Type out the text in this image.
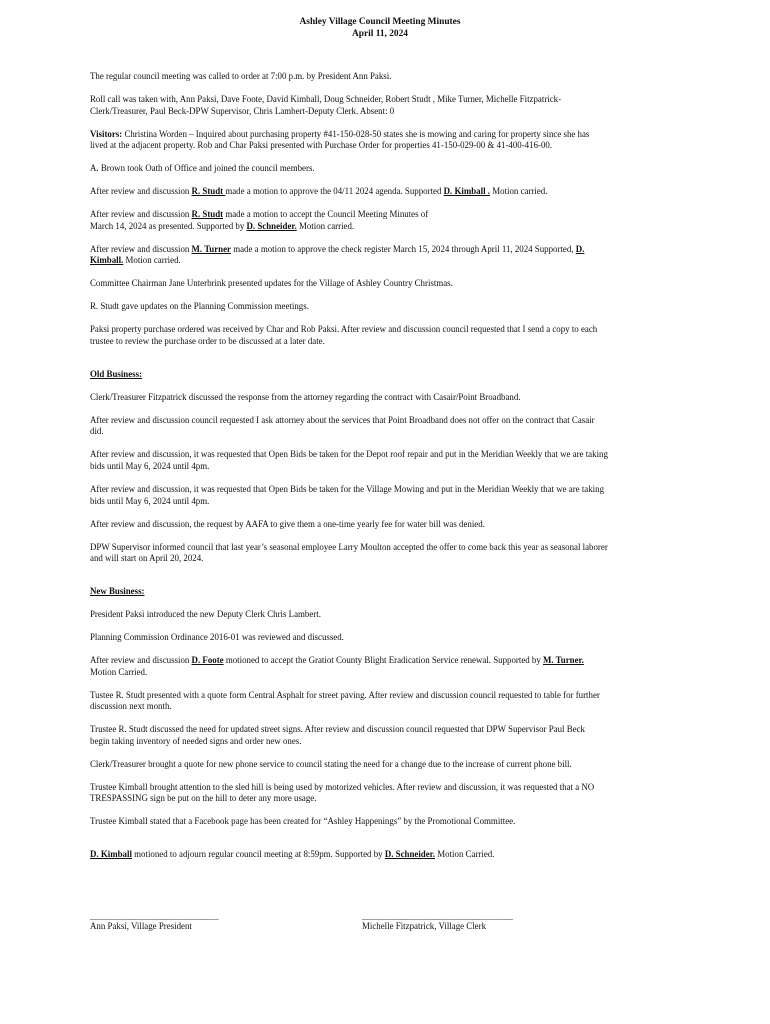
Ashley Village Council Meeting Minutes
April 11, 2024

The regular council meeting was called to order at 7:00 p.m. by President Ann Paksi.

Roll call was taken with, Ann Paksi, Dave Foote, David Kimball, Doug Schneider, Robert Studt , Mike Turner, Michelle Fitzpatrick-
Clerk/Treasurer, Paul Beck-DPW Supervisor, Chris Lambert-Deputy Clerk. Absent: 0

Visitors: Christina Worden – Inquired about purchasing property #41-150-028-50 states she is mowing and caring for property since she has
lived at the adjacent property. Rob and Char Paksi presented with Purchase Order for properties 41-150-029-00 & 41-400-416-00.

A. Brown took Oath of Office and joined the council members.

After review and discussion R. Studt made a motion to approve the 04/11 2024 agenda. Supported D. Kimball . Motion carried.

After review and discussion R. Studt made a motion to accept the Council Meeting Minutes of
March 14, 2024 as presented. Supported by D. Schneider. Motion carried.

After review and discussion M. Turner made a motion to approve the check register March 15, 2024 through April 11, 2024 Supported, D.
Kimball. Motion carried.

Committee Chairman Jane Unterbrink presented updates for the Village of Ashley Country Christmas.

R. Studt gave updates on the Planning Commission meetings.

Paksi property purchase ordered was received by Char and Rob Paksi. After review and discussion council requested that I send a copy to each
trustee to review the purchase order to be discussed at a later date.

Old Business:

Clerk/Treasurer Fitzpatrick discussed the response from the attorney regarding the contract with Casair/Point Broadband.

After review and discussion council requested I ask attorney about the services that Point Broadband does not offer on the contract that Casair
did.

After review and discussion, it was requested that Open Bids be taken for the Depot roof repair and put in the Meridian Weekly that we are taking
bids until May 6, 2024 until 4pm.

After review and discussion, it was requested that Open Bids be taken for the Village Mowing and put in the Meridian Weekly that we are taking
bids until May 6, 2024 until 4pm.

After review and discussion, the request by AAFA to give them a one-time yearly fee for water bill was denied.

DPW Supervisor informed council that last year’s seasonal employee Larry Moulton accepted the offer to come back this year as seasonal laborer
and will start on April 20, 2024.

New Business:

President Paksi introduced the new Deputy Clerk Chris Lambert.

Planning Commission Ordinance 2016-01 was reviewed and discussed.

After review and discussion D. Foote motioned to accept the Gratiot County Blight Eradication Service renewal. Supported by M. Turner.
Motion Carried.

Tustee R. Studt presented with a quote form Central Asphalt for street paving. After review and discussion council requested to table for further
discussion next month.

Trustee R. Studt discussed the need for updated street signs. After review and discussion council requested that DPW Supervisor Paul Beck
begin taking inventory of needed signs and order new ones.

Clerk/Treasurer brought a quote for new phone service to council stating the need for a change due to the increase of current phone bill.

Trustee Kimball brought attention to the sled hill is being used by motorized vehicles. After review and discussion, it was requested that a NO
TRESPASSING sign be put on the hill to deter any more usage.

Trustee Kimball stated that a Facebook page has been created for “Ashley Happenings” by the Promotional Committee.

D. Kimball motioned to adjourn regular council meeting at 8:59pm. Supported by D. Schneider. Motion Carried.

_____________________________
Ann Paksi, Village President
__________________________________
Michelle Fitzpatrick, Village Clerk
